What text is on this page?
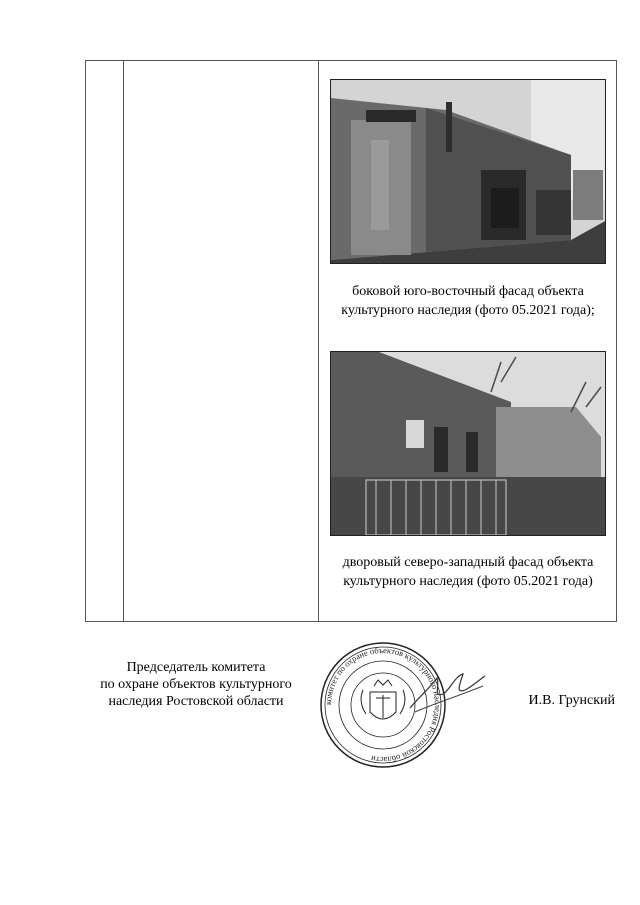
боковой юго-восточный фасад объекта
культурного наследия (фото 05.2021 года);
дворовый северо-западный фасад объекта
культурного наследия (фото 05.2021 года)
Председатель комитета
по охране объектов культурного
наследия Ростовской области	комитет по охране объектов культурного наследия Ростовской области
И.В. Грунский
